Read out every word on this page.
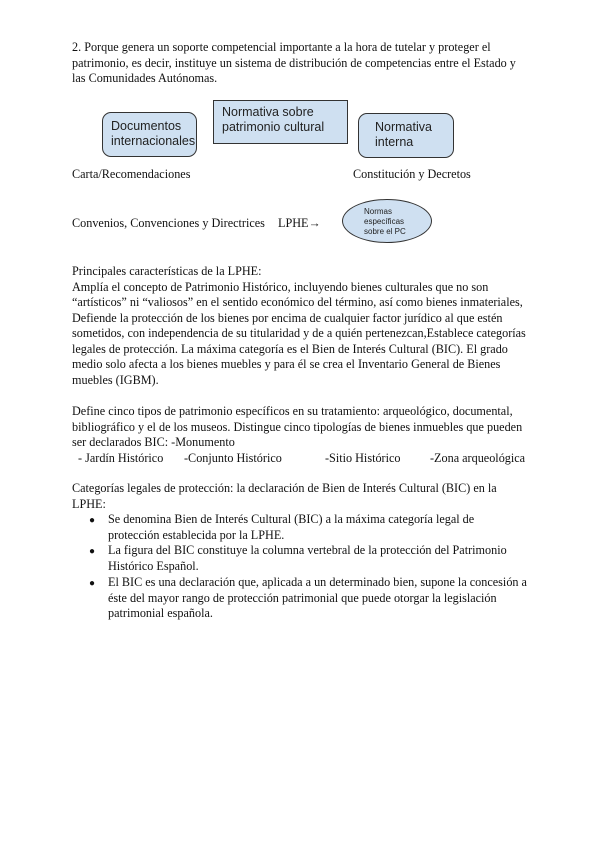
2. Porque genera un soporte competencial importante a la hora de tutelar y proteger el
patrimonio, es decir, instituye un sistema de distribución de competencias entre el Estado y
las Comunidades Autónomas.
Documentos
internacionales
Normativa sobre
patrimonio cultural	Normativa
interna
Carta/Recomendaciones	Constitución y Decretos
Convenios, Convenciones y Directrices LPHE→
Normas
específicas
sobre el PC
Principales características de la LPHE:
Amplía el concepto de Patrimonio Histórico, incluyendo bienes culturales que no son
“artísticos” ni “valiosos” en el sentido económico del término, así como bienes inmateriales,
Defiende la protección de los bienes por encima de cualquier factor jurídico al que estén
sometidos, con independencia de su titularidad y de a quién pertenezcan,Establece categorías
legales de protección. La máxima categoría es el Bien de Interés Cultural (BIC). El grado
medio solo afecta a los bienes muebles y para él se crea el Inventario General de Bienes
muebles (IGBM).
Define cinco tipos de patrimonio específicos en su tratamiento: arqueológico, documental,
bibliográfico y el de los museos. Distingue cinco tipologías de bienes inmuebles que pueden
ser declarados BIC: -Monumento
- Jardín Histórico -Conjunto Histórico	-Sitio Histórico -Zona arqueológica
Categorías legales de protección: la declaración de Bien de Interés Cultural (BIC) en la
LPHE:
● Se denomina Bien de Interés Cultural (BIC) a la máxima categoría legal de
protección establecida por la LPHE.
● La figura del BIC constituye la columna vertebral de la protección del Patrimonio
Histórico Español.
● El BIC es una declaración que, aplicada a un determinado bien, supone la concesión a
éste del mayor rango de protección patrimonial que puede otorgar la legislación
patrimonial española.
